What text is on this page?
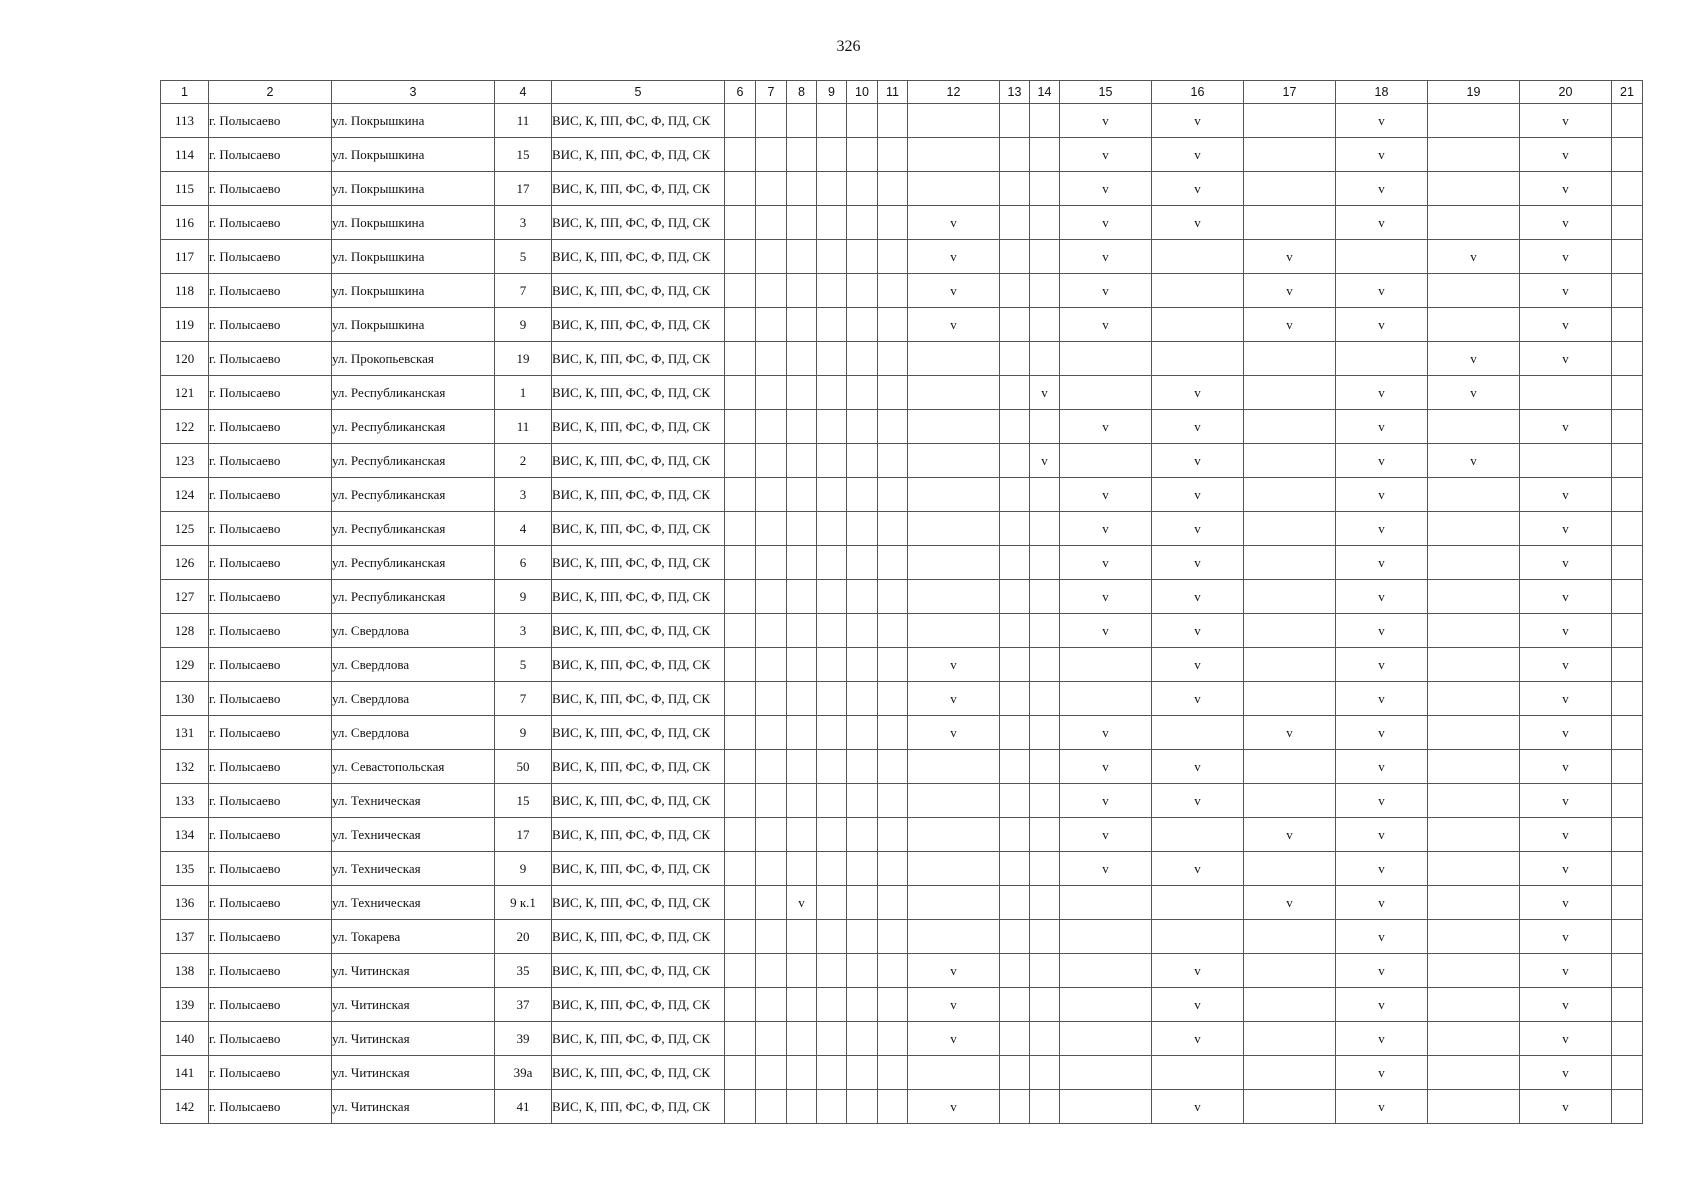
326
1	2	3	4	5	6	7	8	9	10	11	12	13	14	15	16	17	18	19	20	21
113	г. Полысаево	ул. Покрышкина	11	ВИС, К, ПП, ФС, Ф, ПД, СК										v	v		v		v	
114	г. Полысаево	ул. Покрышкина	15	ВИС, К, ПП, ФС, Ф, ПД, СК										v	v		v		v	
115	г. Полысаево	ул. Покрышкина	17	ВИС, К, ПП, ФС, Ф, ПД, СК										v	v		v		v	
116	г. Полысаево	ул. Покрышкина	3	ВИС, К, ПП, ФС, Ф, ПД, СК							v			v	v		v		v	
117	г. Полысаево	ул. Покрышкина	5	ВИС, К, ПП, ФС, Ф, ПД, СК							v			v		v		v	v	
118	г. Полысаево	ул. Покрышкина	7	ВИС, К, ПП, ФС, Ф, ПД, СК							v			v		v	v		v	
119	г. Полысаево	ул. Покрышкина	9	ВИС, К, ПП, ФС, Ф, ПД, СК							v			v		v	v		v	
120	г. Полысаево	ул. Прокопьевская	19	ВИС, К, ПП, ФС, Ф, ПД, СК														v	v	
121	г. Полысаево	ул. Республиканская	1	ВИС, К, ПП, ФС, Ф, ПД, СК									v		v		v	v		
122	г. Полысаево	ул. Республиканская	11	ВИС, К, ПП, ФС, Ф, ПД, СК										v	v		v		v	
123	г. Полысаево	ул. Республиканская	2	ВИС, К, ПП, ФС, Ф, ПД, СК									v		v		v	v		
124	г. Полысаево	ул. Республиканская	3	ВИС, К, ПП, ФС, Ф, ПД, СК										v	v		v		v	
125	г. Полысаево	ул. Республиканская	4	ВИС, К, ПП, ФС, Ф, ПД, СК										v	v		v		v	
126	г. Полысаево	ул. Республиканская	6	ВИС, К, ПП, ФС, Ф, ПД, СК										v	v		v		v	
127	г. Полысаево	ул. Республиканская	9	ВИС, К, ПП, ФС, Ф, ПД, СК										v	v		v		v	
128	г. Полысаево	ул. Свердлова	3	ВИС, К, ПП, ФС, Ф, ПД, СК										v	v		v		v	
129	г. Полысаево	ул. Свердлова	5	ВИС, К, ПП, ФС, Ф, ПД, СК							v				v		v		v	
130	г. Полысаево	ул. Свердлова	7	ВИС, К, ПП, ФС, Ф, ПД, СК							v				v		v		v	
131	г. Полысаево	ул. Свердлова	9	ВИС, К, ПП, ФС, Ф, ПД, СК							v			v		v	v		v	
132	г. Полысаево	ул. Севастопольская	50	ВИС, К, ПП, ФС, Ф, ПД, СК										v	v		v		v	
133	г. Полысаево	ул. Техническая	15	ВИС, К, ПП, ФС, Ф, ПД, СК										v	v		v		v	
134	г. Полысаево	ул. Техническая	17	ВИС, К, ПП, ФС, Ф, ПД, СК										v		v	v		v	
135	г. Полысаево	ул. Техническая	9	ВИС, К, ПП, ФС, Ф, ПД, СК										v	v		v		v	
136	г. Полысаево	ул. Техническая	9 к.1	ВИС, К, ПП, ФС, Ф, ПД, СК			v									v	v		v	
137	г. Полысаево	ул. Токарева	20	ВИС, К, ПП, ФС, Ф, ПД, СК													v		v	
138	г. Полысаево	ул. Читинская	35	ВИС, К, ПП, ФС, Ф, ПД, СК							v				v		v		v	
139	г. Полысаево	ул. Читинская	37	ВИС, К, ПП, ФС, Ф, ПД, СК							v				v		v		v	
140	г. Полысаево	ул. Читинская	39	ВИС, К, ПП, ФС, Ф, ПД, СК							v				v		v		v	
141	г. Полысаево	ул. Читинская	39а	ВИС, К, ПП, ФС, Ф, ПД, СК													v		v	
142	г. Полысаево	ул. Читинская	41	ВИС, К, ПП, ФС, Ф, ПД, СК							v				v		v		v	
